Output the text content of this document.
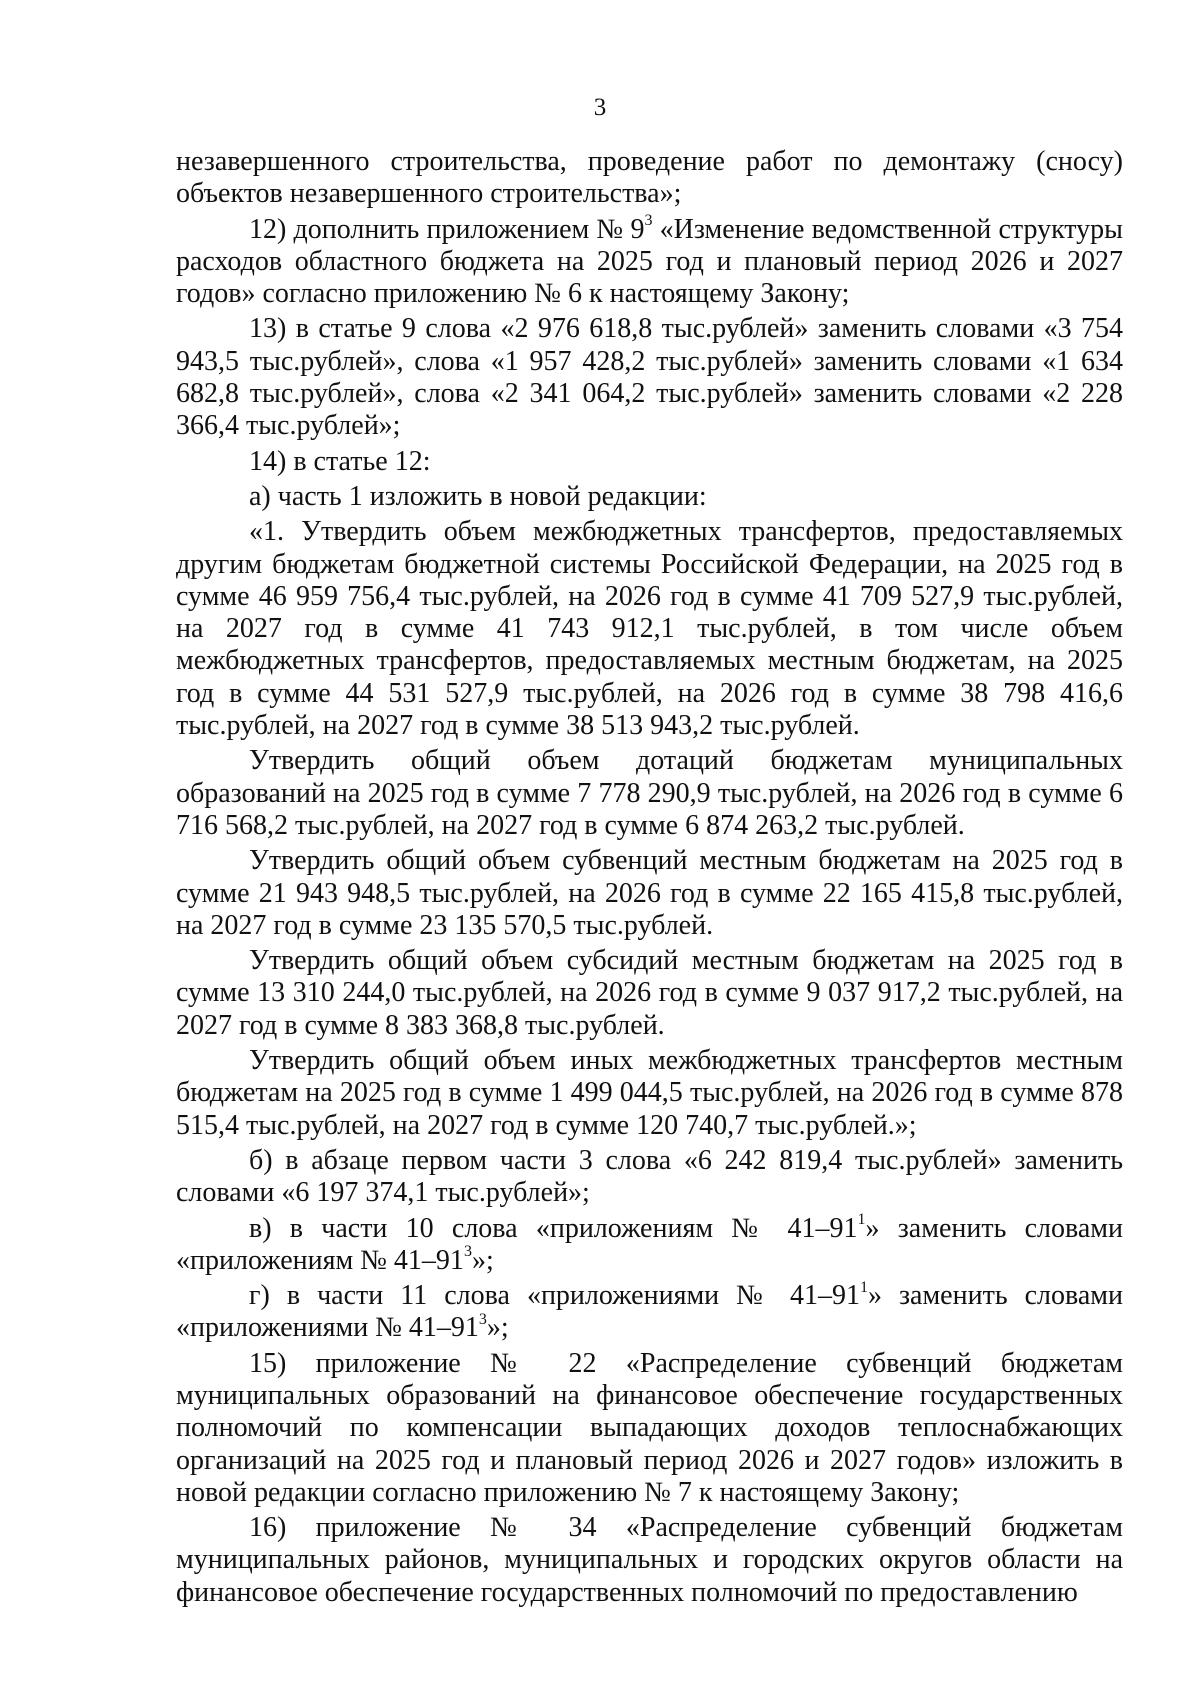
3

незавершенного строительства, проведение работ по демонтажу (сносу) объектов незавершенного строительства»;

12) дополнить приложением № $9^3$ «Изменение ведомственной структуры расходов областного бюджета на 2025 год и плановый период 2026 и 2027 годов» согласно приложению № 6 к настоящему Закону;

13) в статье 9 слова «2 976 618,8 тыс.рублей» заменить словами «3 754 943,5 тыс.рублей», слова «1 957 428,2 тыс.рублей» заменить словами «1 634 682,8 тыс.рублей», слова «2 341 064,2 тыс.рублей» заменить словами «2 228 366,4 тыс.рублей»;

14) в статье 12:

а) часть 1 изложить в новой редакции:

«1. Утвердить объем межбюджетных трансфертов, предоставляемых другим бюджетам бюджетной системы Российской Федерации, на 2025 год в сумме 46 959 756,4 тыс.рублей, на 2026 год в сумме 41 709 527,9 тыс.рублей, на 2027 год в сумме 41 743 912,1 тыс.рублей, в том числе объем межбюджетных трансфертов, предоставляемых местным бюджетам, на 2025 год в сумме 44 531 527,9 тыс.рублей, на 2026 год в сумме 38 798 416,6 тыс.рублей, на 2027 год в сумме 38 513 943,2 тыс.рублей.

Утвердить общий объем дотаций бюджетам муниципальных образований на 2025 год в сумме 7 778 290,9 тыс.рублей, на 2026 год в сумме 6 716 568,2 тыс.рублей, на 2027 год в сумме 6 874 263,2 тыс.рублей.

Утвердить общий объем субвенций местным бюджетам на 2025 год в сумме 21 943 948,5 тыс.рублей, на 2026 год в сумме 22 165 415,8 тыс.рублей, на 2027 год в сумме 23 135 570,5 тыс.рублей.

Утвердить общий объем субсидий местным бюджетам на 2025 год в сумме 13 310 244,0 тыс.рублей, на 2026 год в сумме 9 037 917,2 тыс.рублей, на 2027 год в сумме 8 383 368,8 тыс.рублей.

Утвердить общий объем иных межбюджетных трансфертов местным бюджетам на 2025 год в сумме 1 499 044,5 тыс.рублей, на 2026 год в сумме 878 515,4 тыс.рублей, на 2027 год в сумме 120 740,7 тыс.рублей.»;

б) в абзаце первом части 3 слова «6 242 819,4 тыс.рублей» заменить словами «6 197 374,1 тыс.рублей»;

в) в части 10 слова «приложениям № $41-91^1$» заменить словами «приложениям № $41-91^3$»;

г) в части 11 слова «приложениями № $41-91^1$» заменить словами «приложениями № $41-91^3$»;

15) приложение № 22 «Распределение субвенций бюджетам муниципальных образований на финансовое обеспечение государственных полномочий по компенсации выпадающих доходов теплоснабжающих организаций на 2025 год и плановый период 2026 и 2027 годов» изложить в новой редакции согласно приложению № 7 к настоящему Закону;

16) приложение № 34 «Распределение субвенций бюджетам муниципальных районов, муниципальных и городских округов области на финансовое обеспечение государственных полномочий по предоставлению
